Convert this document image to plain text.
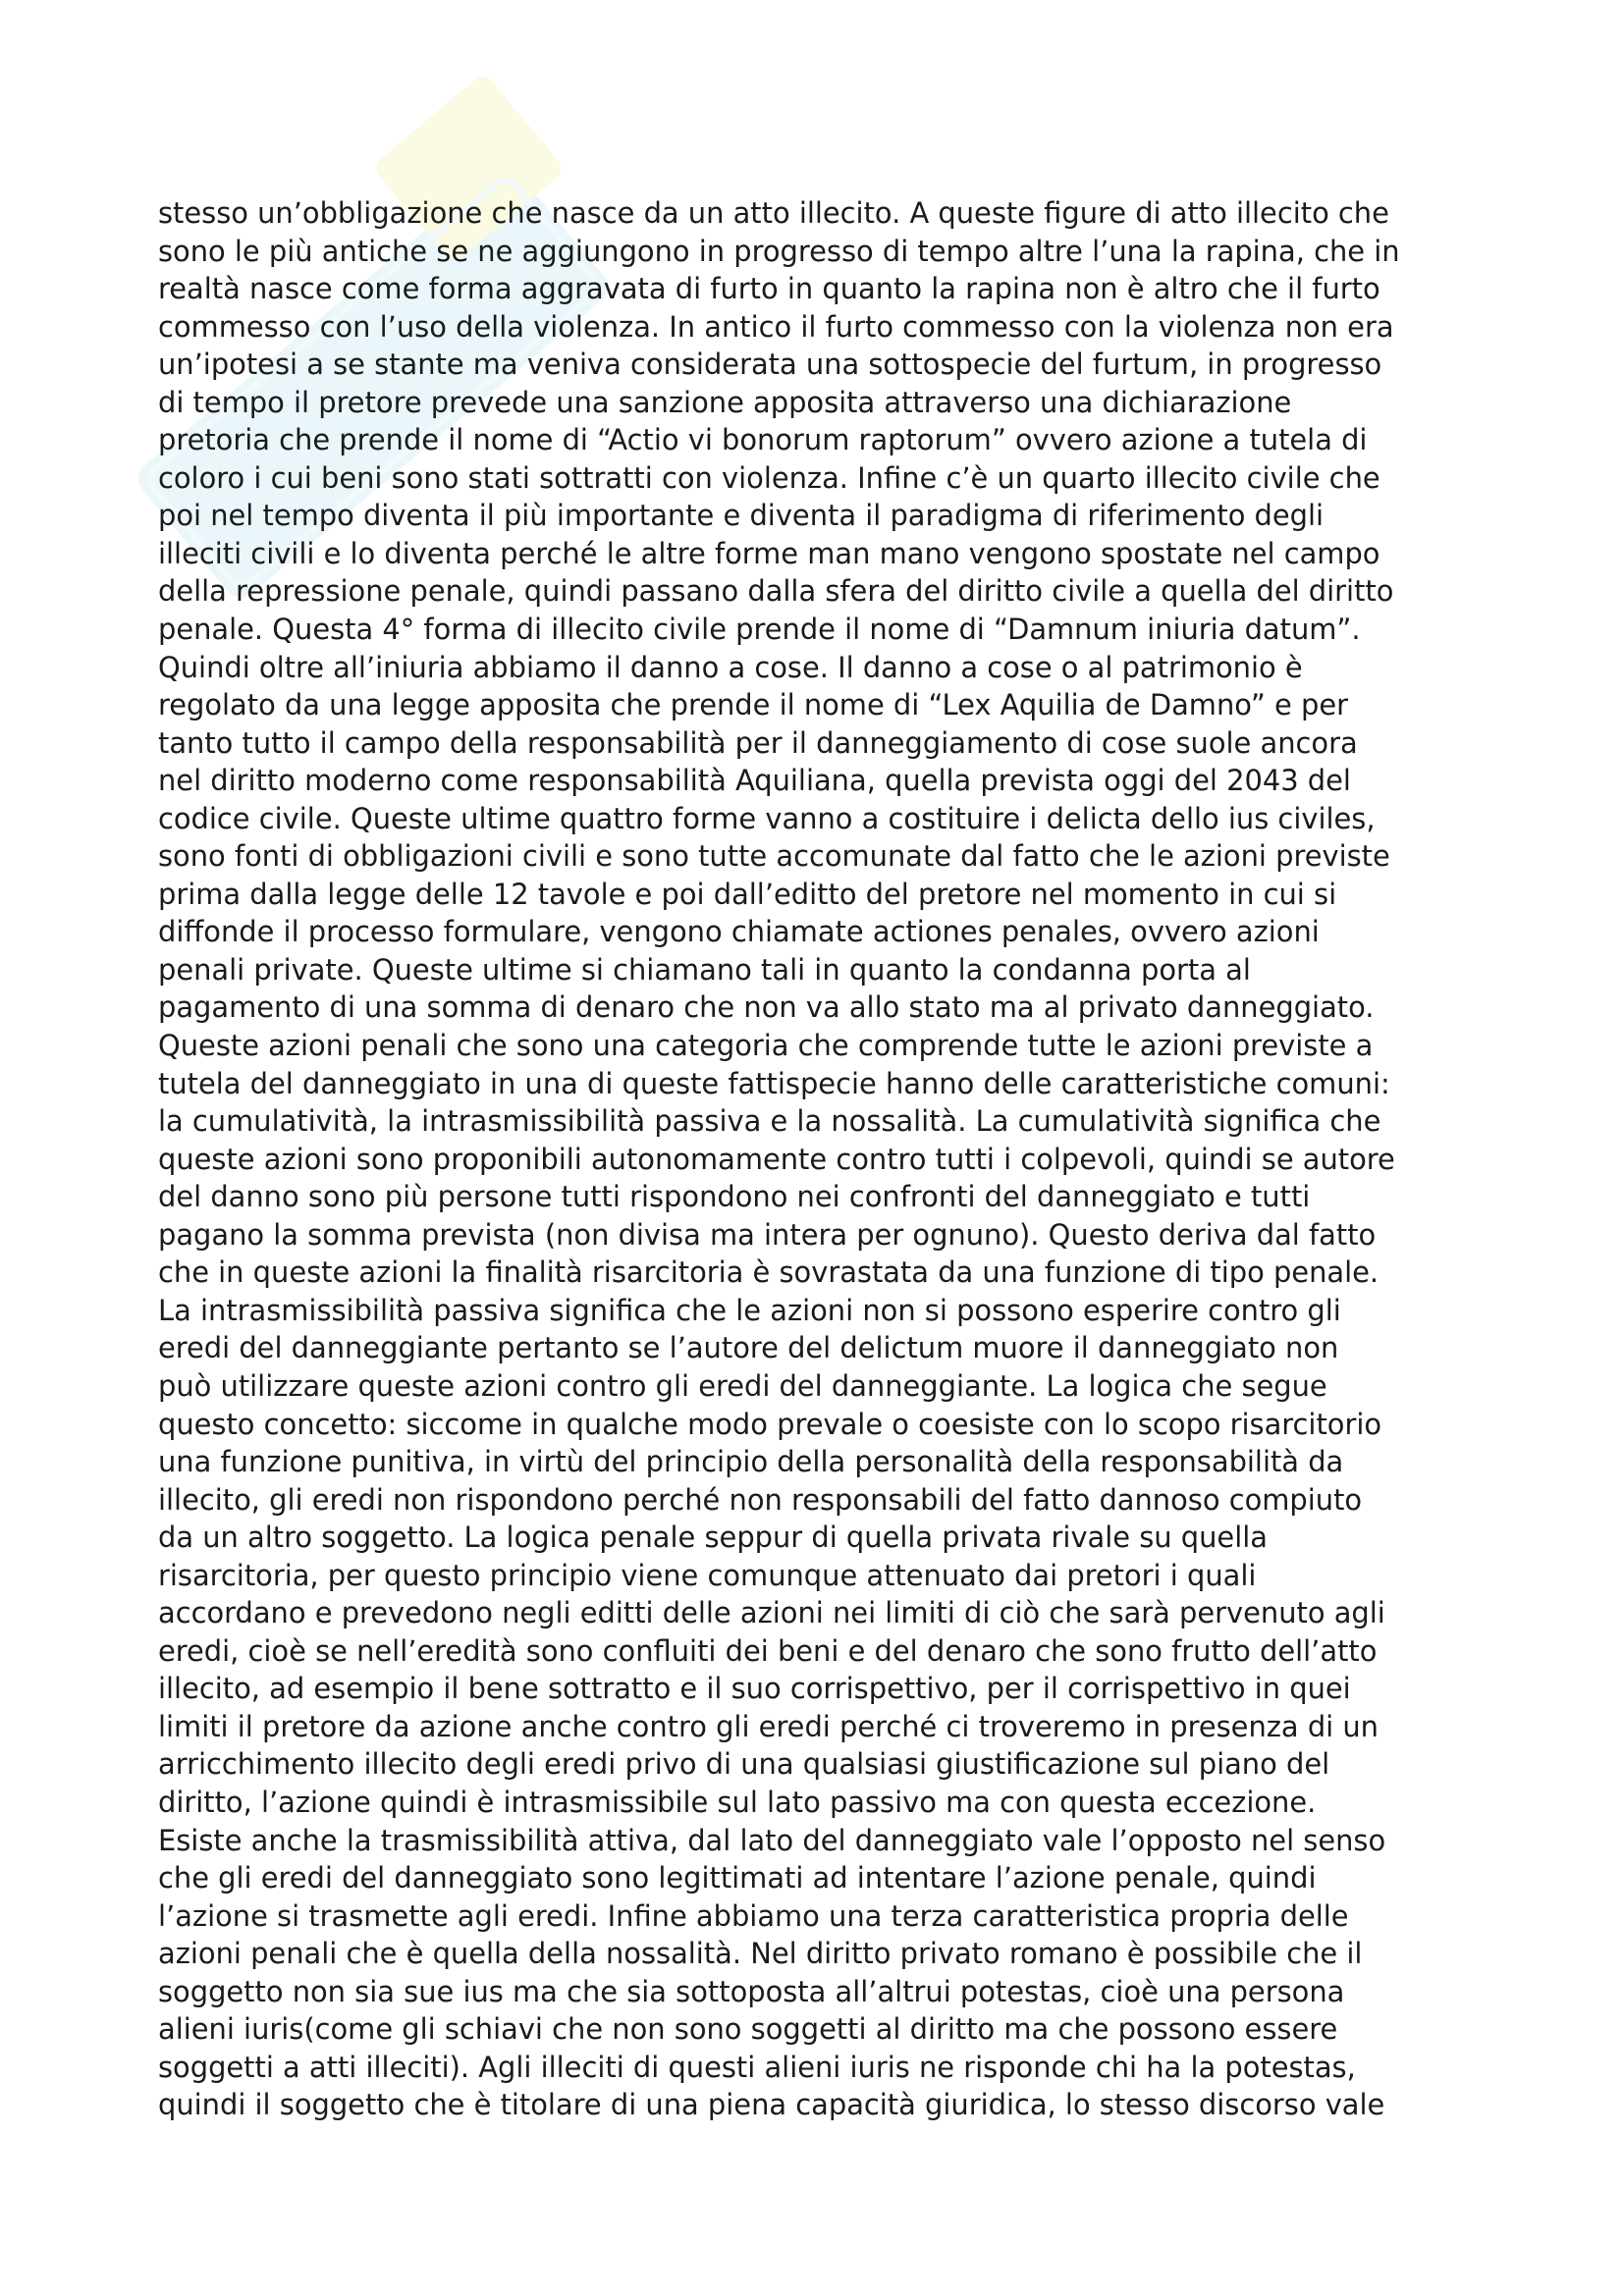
stesso un’obbligazione che nasce da un atto illecito. A queste figure di atto illecito che
sono le più antiche se ne aggiungono in progresso di tempo altre l’una la rapina, che in
realtà nasce come forma aggravata di furto in quanto la rapina non è altro che il furto
commesso con l’uso della violenza. In antico il furto commesso con la violenza non era
un’ipotesi a se stante ma veniva considerata una sottospecie del furtum, in progresso
di tempo il pretore prevede una sanzione apposita attraverso una dichiarazione
pretoria che prende il nome di “Actio vi bonorum raptorum” ovvero azione a tutela di
coloro i cui beni sono stati sottratti con violenza. Infine c’è un quarto illecito civile che
poi nel tempo diventa il più importante e diventa il paradigma di riferimento degli
illeciti civili e lo diventa perché le altre forme man mano vengono spostate nel campo
della repressione penale, quindi passano dalla sfera del diritto civile a quella del diritto
penale. Questa 4° forma di illecito civile prende il nome di “Damnum iniuria datum”.
Quindi oltre all’iniuria abbiamo il danno a cose. Il danno a cose o al patrimonio è
regolato da una legge apposita che prende il nome di “Lex Aquilia de Damno” e per
tanto tutto il campo della responsabilità per il danneggiamento di cose suole ancora
nel diritto moderno come responsabilità Aquiliana, quella prevista oggi del 2043 del
codice civile. Queste ultime quattro forme vanno a costituire i delicta dello ius civiles,
sono fonti di obbligazioni civili e sono tutte accomunate dal fatto che le azioni previste
prima dalla legge delle 12 tavole e poi dall’editto del pretore nel momento in cui si
diffonde il processo formulare, vengono chiamate actiones penales, ovvero azioni
penali private. Queste ultime si chiamano tali in quanto la condanna porta al
pagamento di una somma di denaro che non va allo stato ma al privato danneggiato.
Queste azioni penali che sono una categoria che comprende tutte le azioni previste a
tutela del danneggiato in una di queste fattispecie hanno delle caratteristiche comuni:
la cumulatività, la intrasmissibilità passiva e la nossalità. La cumulatività significa che
queste azioni sono proponibili autonomamente contro tutti i colpevoli, quindi se autore
del danno sono più persone tutti rispondono nei confronti del danneggiato e tutti
pagano la somma prevista (non divisa ma intera per ognuno). Questo deriva dal fatto
che in queste azioni la finalità risarcitoria è sovrastata da una funzione di tipo penale.
La intrasmissibilità passiva significa che le azioni non si possono esperire contro gli
eredi del danneggiante pertanto se l’autore del delictum muore il danneggiato non
può utilizzare queste azioni contro gli eredi del danneggiante. La logica che segue
questo concetto: siccome in qualche modo prevale o coesiste con lo scopo risarcitorio
una funzione punitiva, in virtù del principio della personalità della responsabilità da
illecito, gli eredi non rispondono perché non responsabili del fatto dannoso compiuto
da un altro soggetto. La logica penale seppur di quella privata rivale su quella
risarcitoria, per questo principio viene comunque attenuato dai pretori i quali
accordano e prevedono negli editti delle azioni nei limiti di ciò che sarà pervenuto agli
eredi, cioè se nell’eredità sono confluiti dei beni e del denaro che sono frutto dell’atto
illecito, ad esempio il bene sottratto e il suo corrispettivo, per il corrispettivo in quei
limiti il pretore da azione anche contro gli eredi perché ci troveremo in presenza di un
arricchimento illecito degli eredi privo di una qualsiasi giustificazione sul piano del
diritto, l’azione quindi è intrasmissibile sul lato passivo ma con questa eccezione.
Esiste anche la trasmissibilità attiva, dal lato del danneggiato vale l’opposto nel senso
che gli eredi del danneggiato sono legittimati ad intentare l’azione penale, quindi
l’azione si trasmette agli eredi. Infine abbiamo una terza caratteristica propria delle
azioni penali che è quella della nossalità. Nel diritto privato romano è possibile che il
soggetto non sia sue ius ma che sia sottoposta all’altrui potestas, cioè una persona
alieni iuris(come gli schiavi che non sono soggetti al diritto ma che possono essere
soggetti a atti illeciti). Agli illeciti di questi alieni iuris ne risponde chi ha la potestas,
quindi il soggetto che è titolare di una piena capacità giuridica, lo stesso discorso vale
